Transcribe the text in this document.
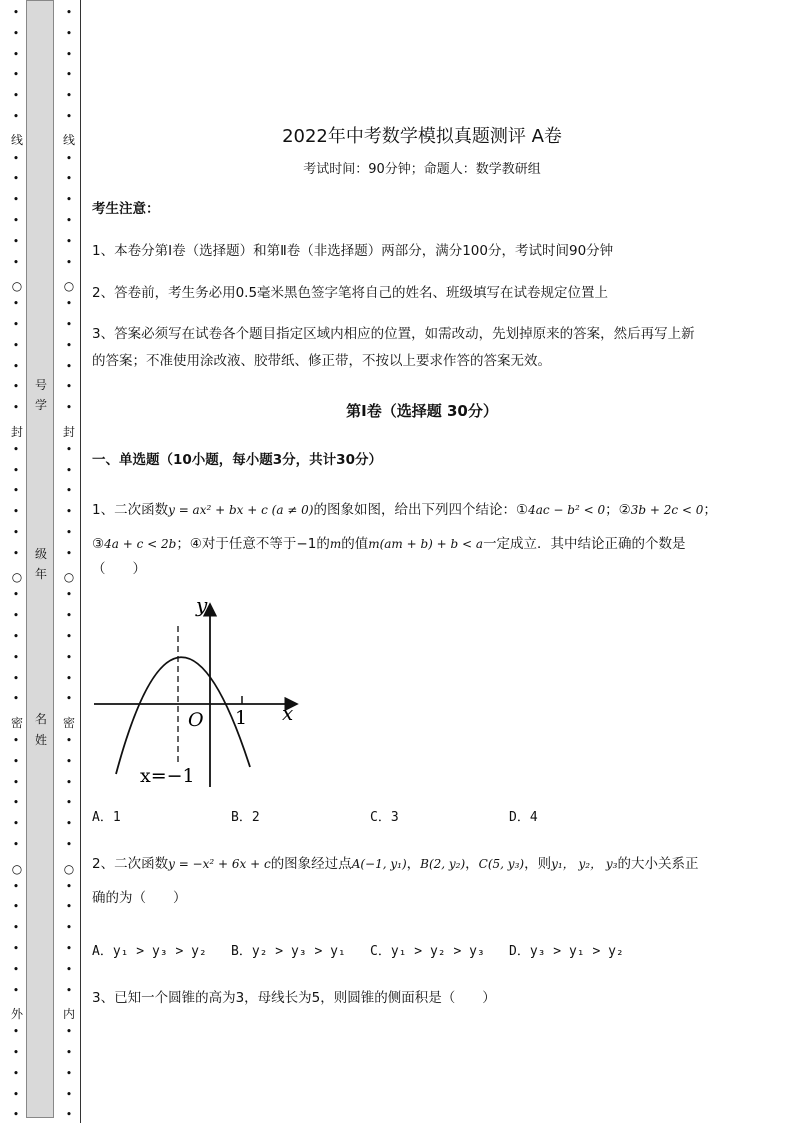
•
•
•
•
•
•
•
•
•
•
•
•
•
•
•
•
•
•
•
•
•
•
•
•
•
•
•
•
•
•
•
•
•
•
•
•
•
•
•
•
•
•
•
•
•
•
•
号
学
级
年
名
姓
•
•
•
•
•
•
•
•
•
•
•
•
•
•
•
•
•
•
•
•
•
•
•
•
•
•
•
•
•
•
•
•
•
•
•
•
•
•
•
•
•
•
•
•
•
•
•
线
○
封
○
密
○
外
线
○
封
○
密
○
内
2022年中考数学模拟真题测评 A卷
考试时间：90分钟；命题人：数学教研组
考生注意：
1、本卷分第I卷（选择题）和第Ⅱ卷（非选择题）两部分，满分100分，考试时间90分钟
2、答卷前，考生务必用0.5毫米黑色签字笔将自己的姓名、班级填写在试卷规定位置上
3、答案必须写在试卷各个题目指定区域内相应的位置，如需改动，先划掉原来的答案，然后再写上新
的答案；不准使用涂改液、胶带纸、修正带，不按以上要求作答的答案无效。
第I卷（选择题 30分）
一、单选题（10小题，每小题3分，共计30分）
1、二次函数y = ax² + bx + c (a ≠ 0)的图象如图，给出下列四个结论：①4ac − b² < 0；②3b + 2c < 0；
③4a + c < 2b；④对于任意不等于−1的m的值m(am + b) + b < a一定成立．其中结论正确的个数是
（　　）
y
x
O 1
x=−1
A．1	B．2	C．3	D．4
2、二次函数y = −x² + 6x + c的图象经过点A(−1, y₁)，B(2, y₂)，C(5, y₃)，则y₁， y₂， y₃的大小关系正
确的为（　　）
A．y₁ > y₃ > y₂ B．y₂ > y₃ > y₁ C．y₁ > y₂ > y₃ D．y₃ > y₁ > y₂
3、已知一个圆锥的高为3，母线长为5，则圆锥的侧面积是（　　）
